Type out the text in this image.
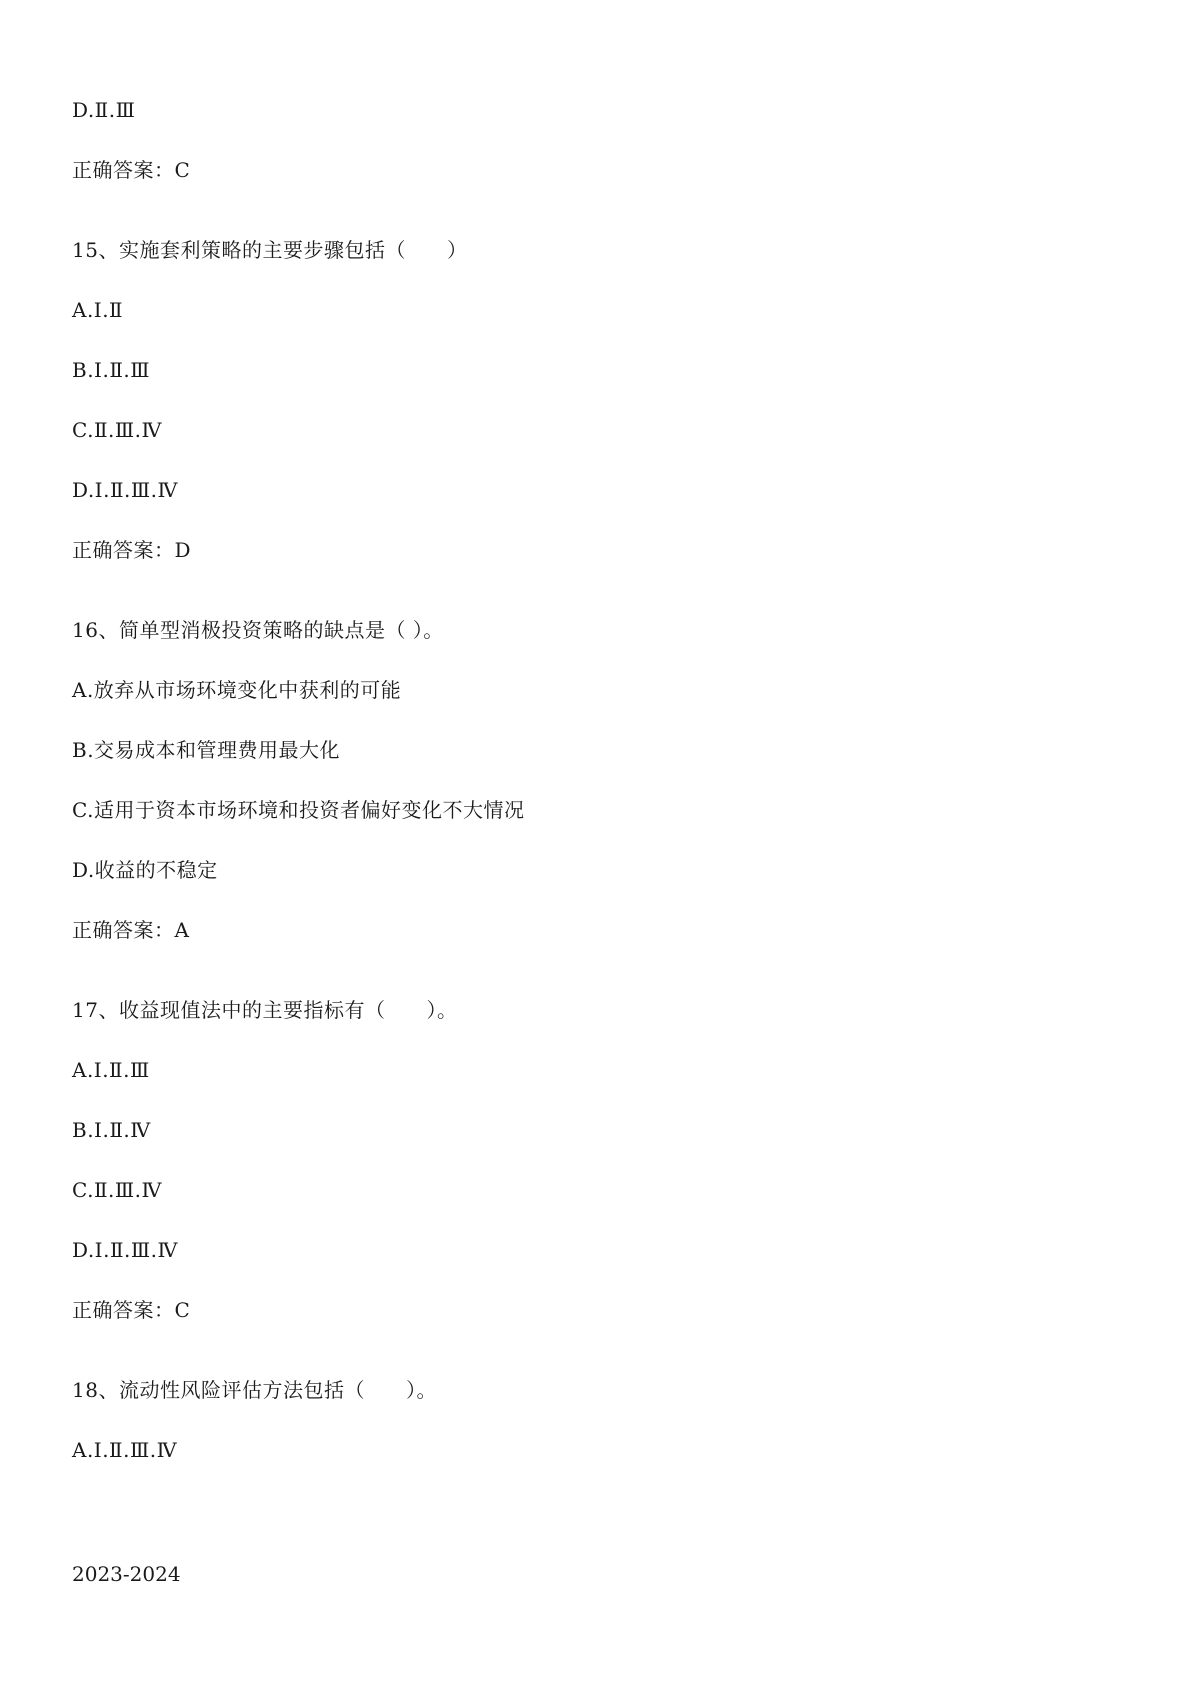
D.Ⅱ.Ⅲ
正确答案：C
15、实施套利策略的主要步骤包括（　　）
A.Ⅰ.Ⅱ
B.Ⅰ.Ⅱ.Ⅲ
C.Ⅱ.Ⅲ.Ⅳ
D.Ⅰ.Ⅱ.Ⅲ.Ⅳ
正确答案：D
16、简单型消极投资策略的缺点是（ ）。
A.放弃从市场环境变化中获利的可能
B.交易成本和管理费用最大化
C.适用于资本市场环境和投资者偏好变化不大情况
D.收益的不稳定
正确答案：A
17、收益现值法中的主要指标有（　　）。
A.Ⅰ.Ⅱ.Ⅲ
B.Ⅰ.Ⅱ.Ⅳ
C.Ⅱ.Ⅲ.Ⅳ
D.Ⅰ.Ⅱ.Ⅲ.Ⅳ
正确答案：C
18、流动性风险评估方法包括（　　）。
A.Ⅰ.Ⅱ.Ⅲ.Ⅳ
2023-2024
